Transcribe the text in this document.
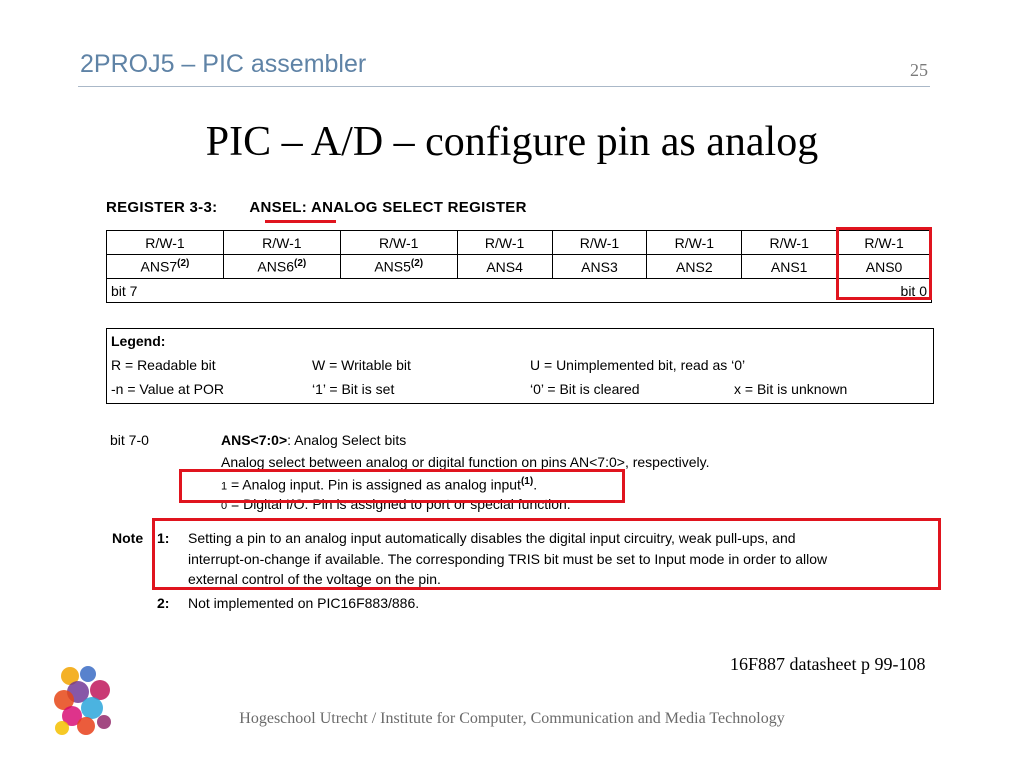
2PROJ5 – PIC assembler	25
PIC – A/D – configure pin as analog
REGISTER 3-3: ANSEL: ANALOG SELECT REGISTER
R/W-1	R/W-1	R/W-1	R/W-1	R/W-1	R/W-1	R/W-1	R/W-1
ANS7$^{(2)}$	ANS6$^{(2)}$	ANS5$^{(2)}$	ANS4	ANS3	ANS2	ANS1	ANS0
bit 7 bit 0							
Legend:
R = Readable bit	W = Writable bit	U = Unimplemented bit, read as ‘0’
-n = Value at POR	‘1’ = Bit is set	‘0’ = Bit is cleared	x = Bit is unknown
bit 7-0	ANS<7:0>: Analog Select bits
Analog select between analog or digital function on pins AN<7:0>, respectively.
1 = Analog input. Pin is assigned as analog input$^{(1)}$.
0 = Digital I/O. Pin is assigned to port or special function.
Note 1: Setting a pin to an analog input automatically disables the digital input circuitry, weak pull-ups, and
interrupt-on-change if available. The corresponding TRIS bit must be set to Input mode in order to allow
external control of the voltage on the pin.
2: Not implemented on PIC16F883/886.
16F887 datasheet p 99-108
Hogeschool Utrecht / Institute for Computer, Communication and Media Technology
